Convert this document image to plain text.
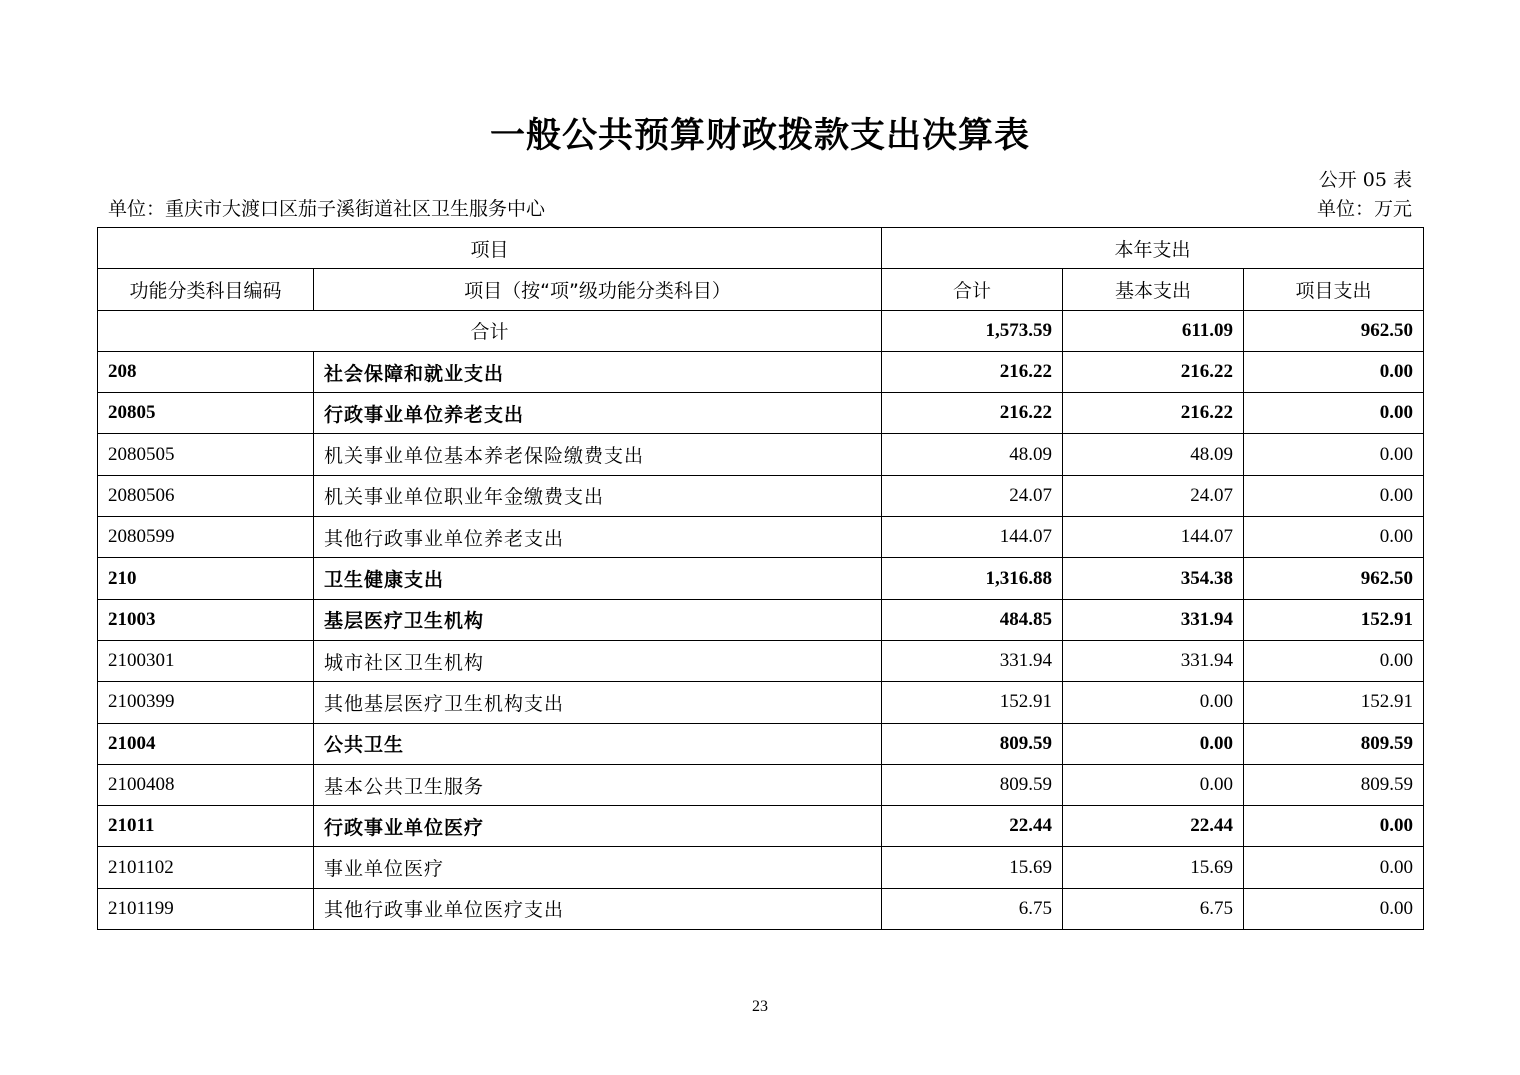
一般公共预算财政拨款支出决算表
公开 05 表
单位：重庆市大渡口区茄子溪街道社区卫生服务中心	单位：万元
项目		本年支出		
功能分类科目编码	项目（按“项”级功能分类科目）	合计	基本支出	项目支出
合计		1,573.59	611.09	962.50
208	社会保障和就业支出	216.22	216.22	0.00
20805	行政事业单位养老支出	216.22	216.22	0.00
2080505	机关事业单位基本养老保险缴费支出	48.09	48.09	0.00
2080506	机关事业单位职业年金缴费支出	24.07	24.07	0.00
2080599	其他行政事业单位养老支出	144.07	144.07	0.00
210	卫生健康支出	1,316.88	354.38	962.50
21003	基层医疗卫生机构	484.85	331.94	152.91
2100301	城市社区卫生机构	331.94	331.94	0.00
2100399	其他基层医疗卫生机构支出	152.91	0.00	152.91
21004	公共卫生	809.59	0.00	809.59
2100408	基本公共卫生服务	809.59	0.00	809.59
21011	行政事业单位医疗	22.44	22.44	0.00
2101102	事业单位医疗	15.69	15.69	0.00
2101199	其他行政事业单位医疗支出	6.75	6.75	0.00
23
